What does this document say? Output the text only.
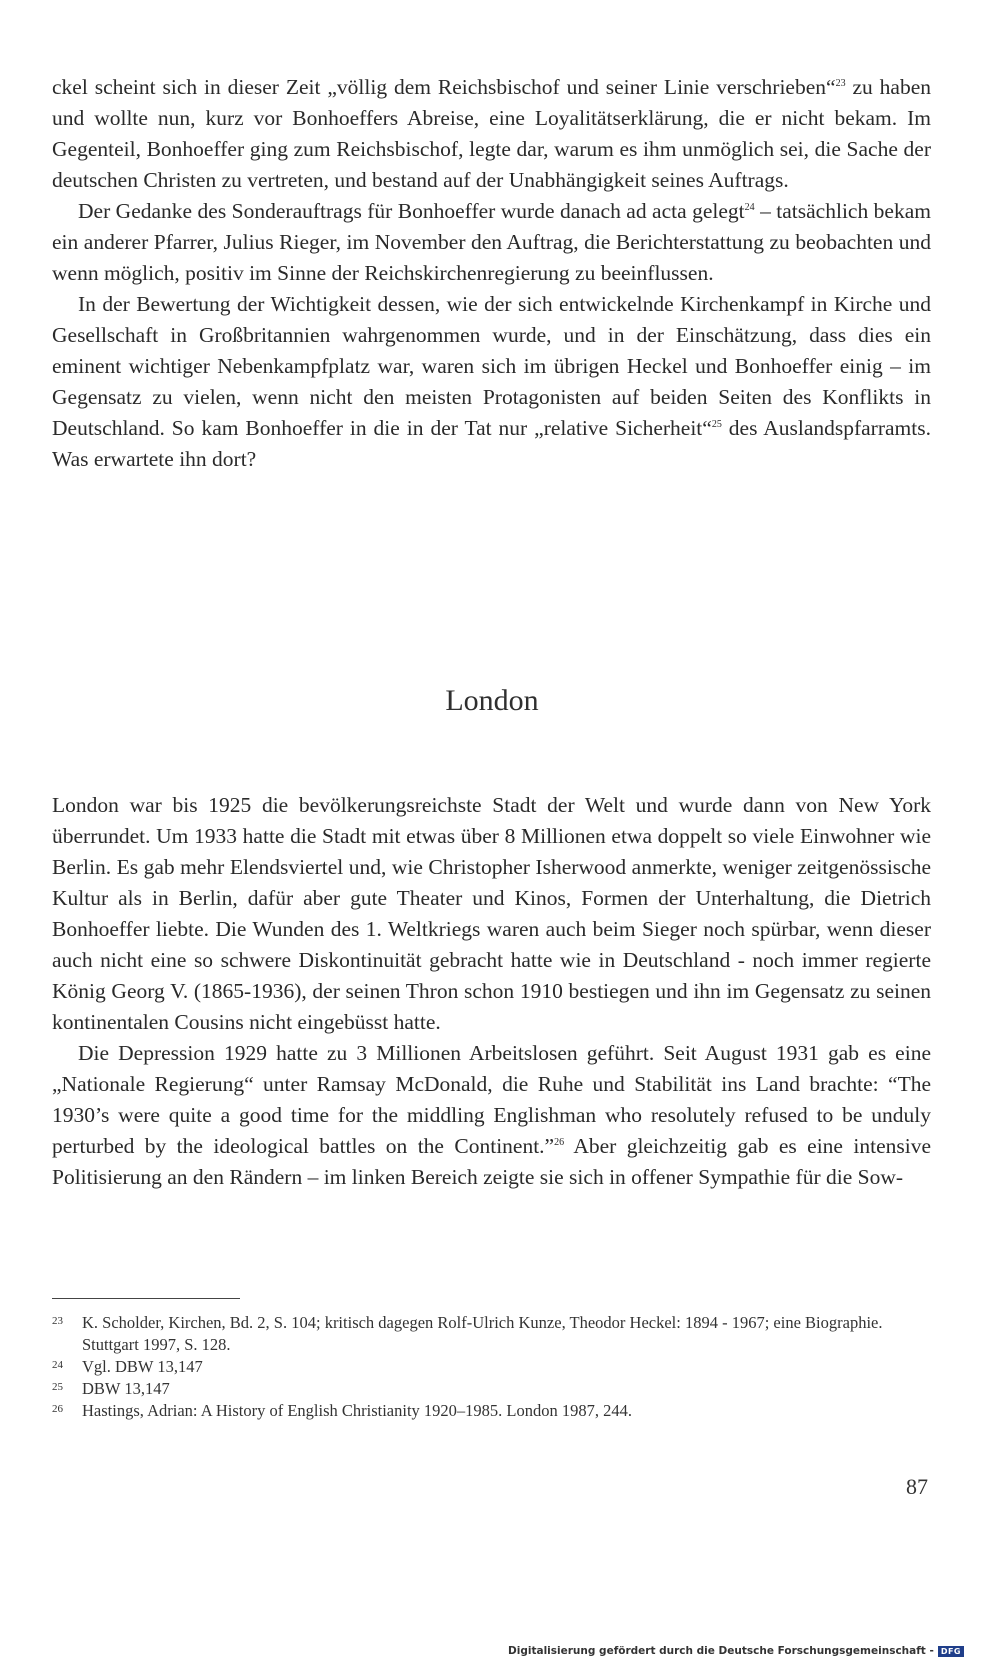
ckel scheint sich in dieser Zeit „völlig dem Reichsbischof und seiner Linie verschrieben“$^{23}$ zu haben und wollte nun, kurz vor Bonhoeffers Abreise, eine Loyalitätserklärung, die er nicht bekam. Im Gegenteil, Bonhoeffer ging zum Reichsbischof, legte dar, warum es ihm unmöglich sei, die Sache der deutschen Christen zu vertreten, und bestand auf der Unabhängigkeit seines Auftrags.

Der Gedanke des Sonderauftrags für Bonhoeffer wurde danach ad acta gelegt$^{24}$ – tatsächlich bekam ein anderer Pfarrer, Julius Rieger, im November den Auftrag, die Berichterstattung zu beobachten und wenn möglich, positiv im Sinne der Reichskirchenregierung zu beeinflussen.

In der Bewertung der Wichtigkeit dessen, wie der sich entwickelnde Kirchenkampf in Kirche und Gesellschaft in Großbritannien wahrgenommen wurde, und in der Einschätzung, dass dies ein eminent wichtiger Nebenkampfplatz war, waren sich im übrigen Heckel und Bonhoeffer einig – im Gegensatz zu vielen, wenn nicht den meisten Protagonisten auf beiden Seiten des Konflikts in Deutschland. So kam Bonhoeffer in die in der Tat nur „relative Sicherheit“$^{25}$ des Auslandspfarramts. Was erwartete ihn dort?

London

London war bis 1925 die bevölkerungsreichste Stadt der Welt und wurde dann von New York überrundet. Um 1933 hatte die Stadt mit etwas über 8 Millionen etwa doppelt so viele Einwohner wie Berlin. Es gab mehr Elendsviertel und, wie Christopher Isherwood anmerkte, weniger zeitgenössische Kultur als in Berlin, dafür aber gute Theater und Kinos, Formen der Unterhaltung, die Dietrich Bonhoeffer liebte. Die Wunden des 1. Weltkriegs waren auch beim Sieger noch spürbar, wenn dieser auch nicht eine so schwere Diskontinuität gebracht hatte wie in Deutschland - noch immer regierte König Georg V. (1865-1936), der seinen Thron schon 1910 bestiegen und ihn im Gegensatz zu seinen kontinentalen Cousins nicht eingebüsst hatte.

Die Depression 1929 hatte zu 3 Millionen Arbeitslosen geführt. Seit August 1931 gab es eine „Nationale Regierung“ unter Ramsay McDonald, die Ruhe und Stabilität ins Land brachte: “The 1930’s were quite a good time for the middling Englishman who resolutely refused to be unduly perturbed by the ideological battles on the Continent.”$^{26}$ Aber gleichzeitig gab es eine intensive Politisierung an den Rändern – im linken Bereich zeigte sie sich in offener Sympathie für die Sow-

23	K. Scholder, Kirchen, Bd. 2, S. 104; kritisch dagegen Rolf-Ulrich Kunze, Theodor Heckel: 1894 - 1967; eine Biographie. Stuttgart 1997, S. 128.
24	Vgl. DBW 13,147
25	DBW 13,147
26	Hastings, Adrian: A History of English Christianity 1920–1985. London 1987, 244.
87
Digitalisierung gefördert durch die Deutsche Forschungsgemeinschaft - DFG
